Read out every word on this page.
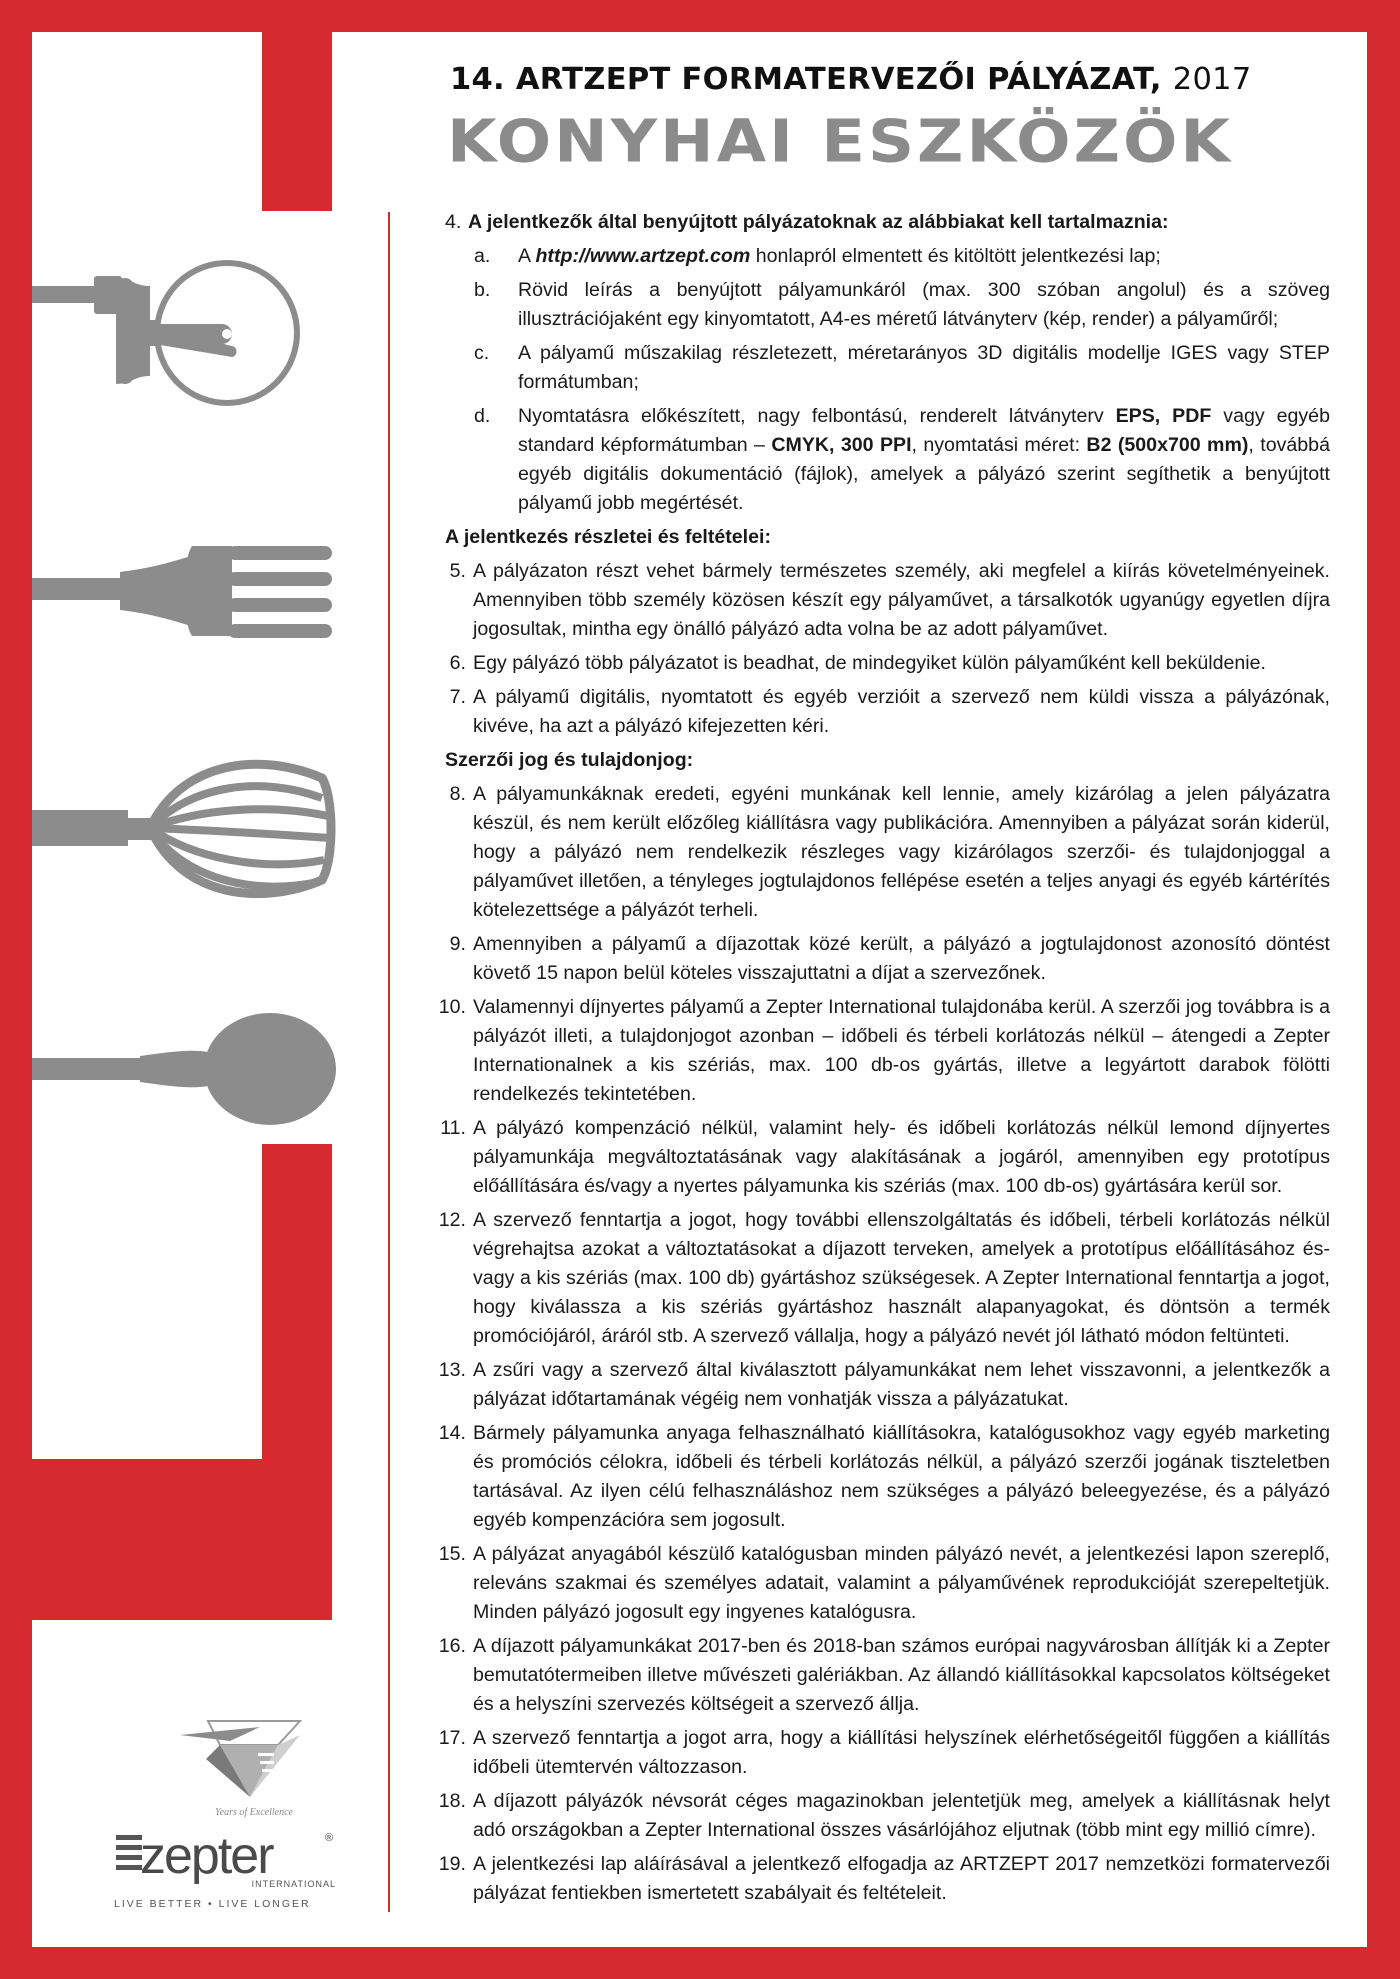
14. ARTZEPT FORMATERVEZŐI PÁLYÁZAT, 2017
KONYHAI ESZKÖZÖK
4. A jelentkezők által benyújtott pályázatoknak az alábbiakat kell tartalmaznia:
a. A http://www.artzept.com honlapról elmentett és kitöltött jelentkezési lap;
b. Rövid leírás a benyújtott pályamunkáról (max. 300 szóban angolul) és a szöveg illusztrációjaként egy kinyomtatott, A4-es méretű látványterv (kép, render) a pályaműről;
c. A pályamű műszakilag részletezett, méretarányos 3D digitális modellje IGES vagy STEP formátumban;
d. Nyomtatásra előkészített, nagy felbontású, renderelt látványterv EPS, PDF vagy egyéb standard képformátumban – CMYK, 300 PPI, nyomtatási méret: B2 (500x700 mm), továbbá egyéb digitális dokumentáció (fájlok), amelyek a pályázó szerint segíthetik a benyújtott pályamű jobb megértését.
A jelentkezés részletei és feltételei:
5. A pályázaton részt vehet bármely természetes személy, aki megfelel a kiírás követelményeinek. Amennyiben több személy közösen készít egy pályaművet, a társalkotók ugyanúgy egyetlen díjra jogosultak, mintha egy önálló pályázó adta volna be az adott pályaművet.
6. Egy pályázó több pályázatot is beadhat, de mindegyiket külön pályaműként kell beküldenie.
7. A pályamű digitális, nyomtatott és egyéb verzióit a szervező nem küldi vissza a pályázónak, kivéve, ha azt a pályázó kifejezetten kéri.
Szerzői jog és tulajdonjog:
8. A pályamunkáknak eredeti, egyéni munkának kell lennie, amely kizárólag a jelen pályázatra készül, és nem került előzőleg kiállításra vagy publikációra. Amennyiben a pályázat során kiderül, hogy a pályázó nem rendelkezik részleges vagy kizárólagos szerzői- és tulajdonjoggal a pályaművet illetően, a tényleges jogtulajdonos fellépése esetén a teljes anyagi és egyéb kártérítés kötelezettsége a pályázót terheli.
9. Amennyiben a pályamű a díjazottak közé került, a pályázó a jogtulajdonost azonosító döntést követő 15 napon belül köteles visszajuttatni a díjat a szervezőnek.
10. Valamennyi díjnyertes pályamű a Zepter International tulajdonába kerül. A szerzői jog továbbra is a pályázót illeti, a tulajdonjogot azonban – időbeli és térbeli korlátozás nélkül – átengedi a Zepter Internationalnek a kis szériás, max. 100 db-os gyártás, illetve a legyártott darabok fölötti rendelkezés tekintetében.
11. A pályázó kompenzáció nélkül, valamint hely- és időbeli korlátozás nélkül lemond díjnyertes pályamunkája megváltoztatásának vagy alakításának a jogáról, amennyiben egy prototípus előállítására és/vagy a nyertes pályamunka kis szériás (max. 100 db-os) gyártására kerül sor.
12. A szervező fenntartja a jogot, hogy további ellenszolgáltatás és időbeli, térbeli korlátozás nélkül végrehajtsa azokat a változtatásokat a díjazott terveken, amelyek a prototípus előállításához és-vagy a kis szériás (max. 100 db) gyártáshoz szükségesek. A Zepter International fenntartja a jogot, hogy kiválassza a kis szériás gyártáshoz használt alapanyagokat, és döntsön a termék promóciójáról, áráról stb. A szervező vállalja, hogy a pályázó nevét jól látható módon feltünteti.
13. A zsűri vagy a szervező által kiválasztott pályamunkákat nem lehet visszavonni, a jelentkezők a pályázat időtartamának végéig nem vonhatják vissza a pályázatukat.
14. Bármely pályamunka anyaga felhasználható kiállításokra, katalógusokhoz vagy egyéb marketing és promóciós célokra, időbeli és térbeli korlátozás nélkül, a pályázó szerzői jogának tiszteletben tartásával. Az ilyen célú felhasználáshoz nem szükséges a pályázó beleegyezése, és a pályázó egyéb kompenzációra sem jogosult.
15. A pályázat anyagából készülő katalógusban minden pályázó nevét, a jelentkezési lapon szereplő, releváns szakmai és személyes adatait, valamint a pályaművének reprodukcióját szerepeltetjük. Minden pályázó jogosult egy ingyenes katalógusra.
16. A díjazott pályamunkákat 2017-ben és 2018-ban számos európai nagyvárosban állítják ki a Zepter bemutatótermeiben illetve művészeti galériákban. Az állandó kiállításokkal kapcsolatos költségeket és a helyszíni szervezés költségeit a szervező állja.
17. A szervező fenntartja a jogot arra, hogy a kiállítási helyszínek elérhetőségeitől függően a kiállítás időbeli ütemtervén változzason.
18. A díjazott pályázók névsorát céges magazinokban jelentetjük meg, amelyek a kiállításnak helyt adó országokban a Zepter International összes vásárlójához eljutnak (több mint egy millió címre).
19. A jelentkezési lap aláírásával a jelentkező elfogadja az ARTZEPT 2017 nemzetközi formatervezői pályázat fentiekben ismertetett szabályait és feltételeit.
Years of Excellence
zepter	®
INTERNATIONAL
LIVE BETTER • LIVE LONGER
